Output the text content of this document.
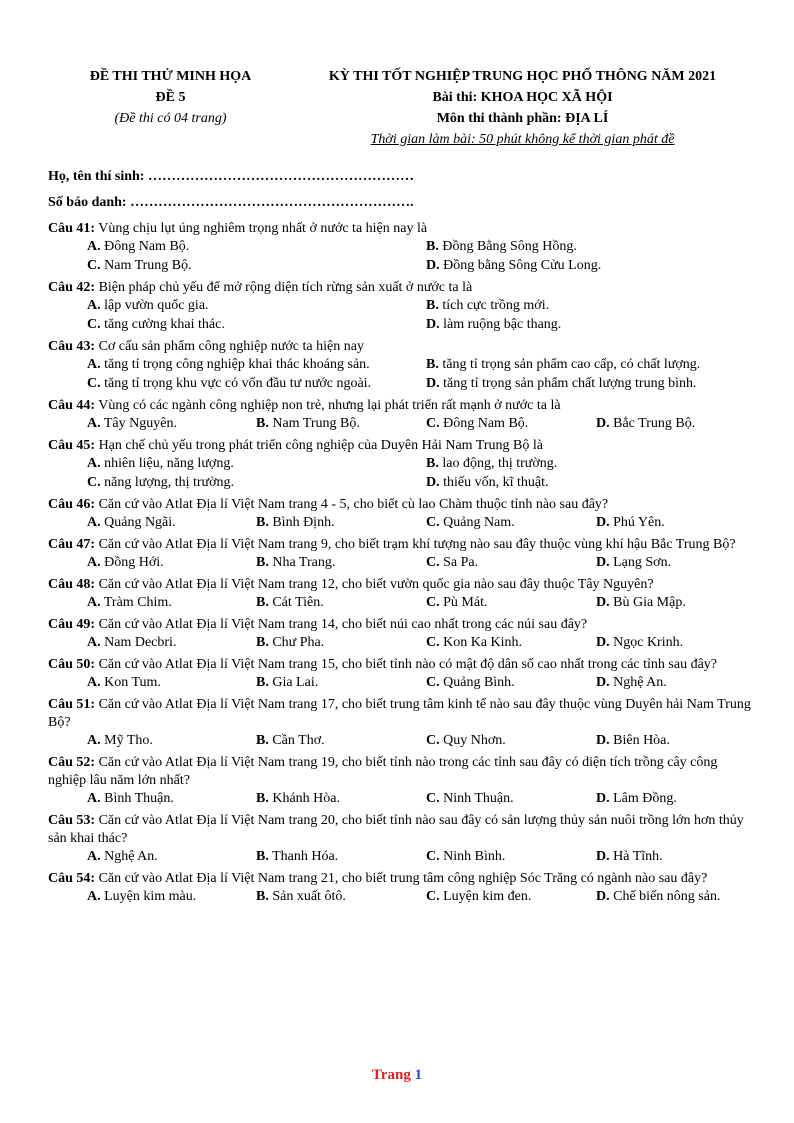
ĐỀ THI THỬ MINH HỌA
ĐỀ 5
(Đề thi có 04 trang)
KỲ THI TỐT NGHIỆP TRUNG HỌC PHỔ THÔNG NĂM 2021
Bài thi: KHOA HỌC XÃ HỘI
Môn thi thành phần: ĐỊA LÍ
Thời gian làm bài: 50 phút không kể thời gian phát đề
Họ, tên thí sinh: …………………………………………………
Số báo danh: …………………………………………………….
Câu 41: Vùng chịu lụt úng nghiêm trọng nhất ở nước ta hiện nay là
A. Đông Nam Bộ.	B. Đồng Bằng Sông Hồng.
C. Nam Trung Bộ.	D. Đồng bằng Sông Cửu Long.
Câu 42: Biện pháp chủ yếu để mở rộng diện tích rừng sản xuất ở nước ta là
A. lập vườn quốc gia.	B. tích cực trồng mới.
C. tăng cường khai thác.	D. làm ruộng bậc thang.
Câu 43: Cơ cấu sản phẩm công nghiệp nước ta hiện nay
A. tăng tỉ trọng công nghiệp khai thác khoáng sản.	B. tăng tỉ trọng sản phẩm cao cấp, có chất lượng.
C. tăng tỉ trọng khu vực có vốn đầu tư nước ngoài.	D. tăng tỉ trọng sản phẩm chất lượng trung bình.
Câu 44: Vùng có các ngành công nghiệp non trẻ, nhưng lại phát triển rất mạnh ở nước ta là
A. Tây Nguyên.	B. Nam Trung Bộ.	C. Đông Nam Bộ.	D. Bắc Trung Bộ.
Câu 45: Hạn chế chủ yếu trong phát triển công nghiệp của Duyên Hải Nam Trung Bộ là
A. nhiên liệu, năng lượng.	B. lao động, thị trường.
C. năng lượng, thị trường.	D. thiếu vốn, kĩ thuật.
Câu 46: Căn cứ vào Atlat Địa lí Việt Nam trang 4 - 5, cho biết cù lao Chàm thuộc tỉnh nào sau đây?
A. Quảng Ngãi.	B. Bình Định.	C. Quảng Nam.	D. Phú Yên.
Câu 47: Căn cứ vào Atlat Địa lí Việt Nam trang 9, cho biết trạm khí tượng nào sau đây thuộc vùng khí hậu Bắc Trung Bộ?
A. Đồng Hới.	B. Nha Trang.	C. Sa Pa.	D. Lạng Sơn.
Câu 48: Căn cứ vào Atlat Địa lí Việt Nam trang 12, cho biết vườn quốc gia nào sau đây thuộc Tây Nguyên?
A. Tràm Chim.	B. Cát Tiên.	C. Pù Mát.	D. Bù Gia Mập.
Câu 49: Căn cứ vào Atlat Địa lí Việt Nam trang 14, cho biết núi cao nhất trong các núi sau đây?
A. Nam Decbri.	B. Chư Pha.	C. Kon Ka Kinh.	D. Ngọc Krinh.
Câu 50: Căn cứ vào Atlat Địa lí Việt Nam trang 15, cho biết tỉnh nào có mật độ dân số cao nhất trong các tỉnh sau đây?
A. Kon Tum.	B. Gia Lai.	C. Quảng Bình.	D. Nghệ An.
Câu 51: Căn cứ vào Atlat Địa lí Việt Nam trang 17, cho biết trung tâm kinh tế nào sau đây thuộc vùng Duyên hải Nam Trung Bộ?
A. Mỹ Tho.	B. Cần Thơ.	C. Quy Nhơn.	D. Biên Hòa.
Câu 52: Căn cứ vào Atlat Địa lí Việt Nam trang 19, cho biết tỉnh nào trong các tỉnh sau đây có diện tích trồng cây công nghiệp lâu năm lớn nhất?
A. Bình Thuận.	B. Khánh Hòa.	C. Ninh Thuận.	D. Lâm Đồng.
Câu 53: Căn cứ vào Atlat Địa lí Việt Nam trang 20, cho biết tỉnh nào sau đây có sản lượng thủy sản nuôi trồng lớn hơn thủy sản khai thác?
A. Nghệ An.	B. Thanh Hóa.	C. Ninh Bình.	D. Hà Tĩnh.
Câu 54: Căn cứ vào Atlat Địa lí Việt Nam trang 21, cho biết trung tâm công nghiệp Sóc Trăng có ngành nào sau đây?
A. Luyện kim màu.	B. Sản xuất ôtô.	C. Luyện kim đen.	D. Chế biến nông sản.
Trang 1
